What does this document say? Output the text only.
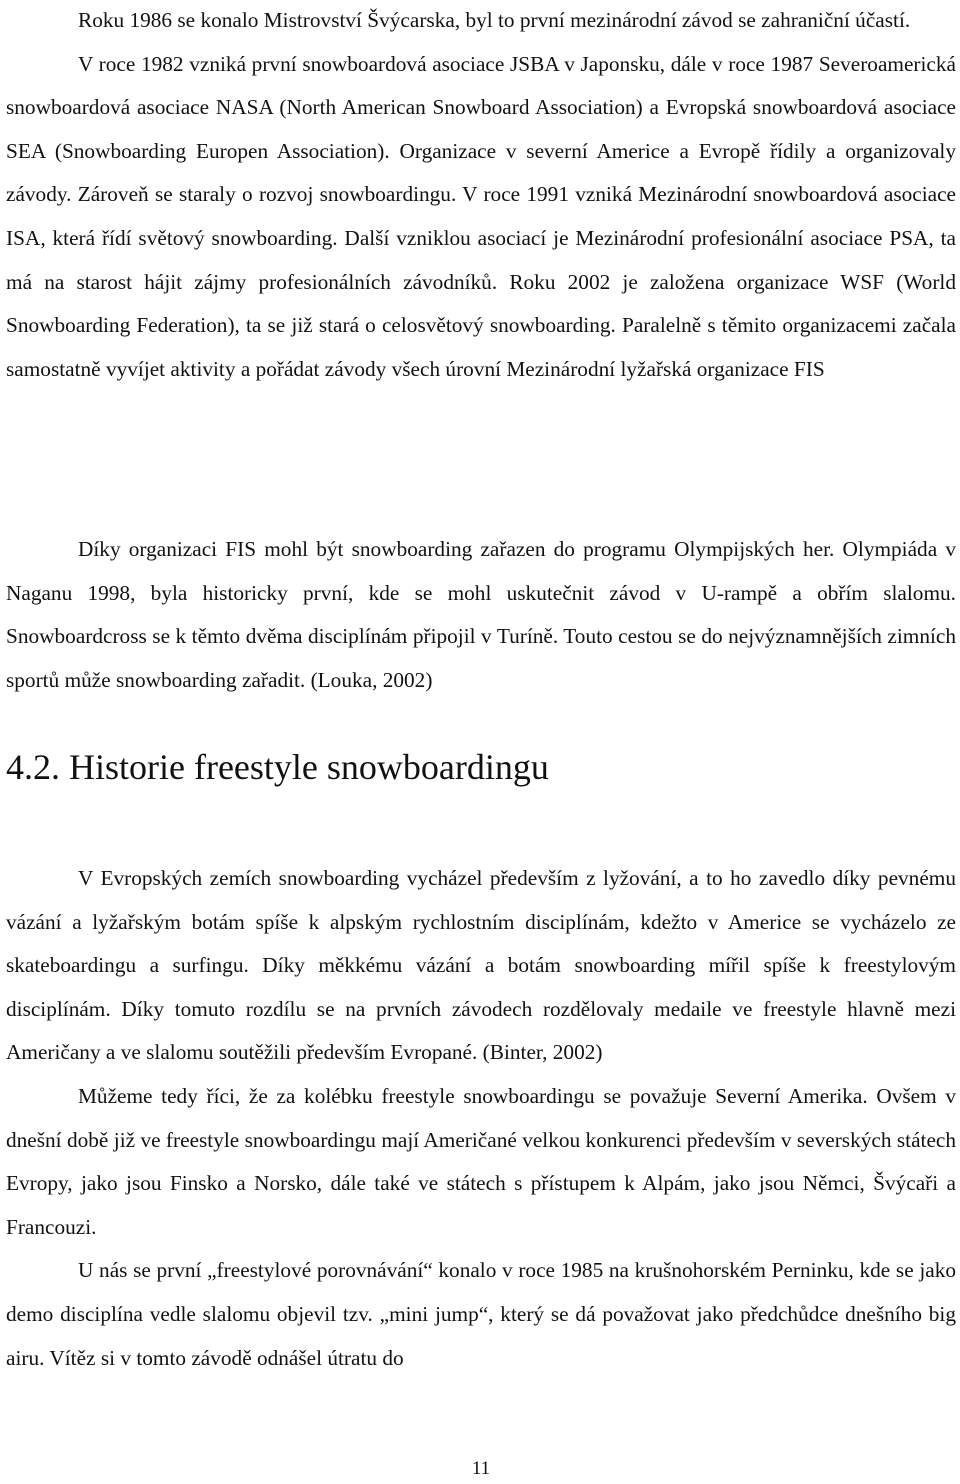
Roku 1986 se konalo Mistrovství Švýcarska, byl to první mezinárodní závod se zahraniční účastí.

V roce 1982 vzniká první snowboardová asociace JSBA v Japonsku, dále v roce 1987 Severoamerická snowboardová asociace NASA (North American Snowboard Association) a Evropská snowboardová asociace SEA (Snowboarding Europen Association). Organizace v severní Americe a Evropě řídily a organizovaly závody. Zároveň se staraly o rozvoj snowboardingu. V roce 1991 vzniká Mezinárodní snowboardová asociace ISA, která řídí světový snowboarding. Další vzniklou asociací je Mezinárodní profesionální asociace PSA, ta má na starost hájit zájmy profesionálních závodníků. Roku 2002 je založena organizace WSF (World Snowboarding Federation), ta se již stará o celosvětový snowboarding. Paralelně s těmito organizacemi začala samostatně vyvíjet aktivity a pořádat závody všech úrovní Mezinárodní lyžařská organizace FIS

Díky organizaci FIS mohl být snowboarding zařazen do programu Olympijských her. Olympiáda v Naganu 1998, byla historicky první, kde se mohl uskutečnit závod v U-rampě a obřím slalomu. Snowboardcross se k těmto dvěma disciplínám připojil v Turíně. Touto cestou se do nejvýznamnějších zimních sportů může snowboarding zařadit. (Louka, 2002)

4.2. Historie freestyle snowboardingu

V Evropských zemích snowboarding vycházel především z lyžování, a to ho zavedlo díky pevnému vázání a lyžařským botám spíše k alpským rychlostním disciplínám, kdežto v Americe se vycházelo ze skateboardingu a surfingu. Díky měkkému vázání a botám snowboarding mířil spíše k freestylovým disciplínám. Díky tomuto rozdílu se na prvních závodech rozdělovaly medaile ve freestyle hlavně mezi Američany a ve slalomu soutěžili především Evropané. (Binter, 2002)

Můžeme tedy říci, že za kolébku freestyle snowboardingu se považuje Severní Amerika. Ovšem v dnešní době již ve freestyle snowboardingu mají Američané velkou konkurenci především v severských státech Evropy, jako jsou Finsko a Norsko, dále také ve státech s přístupem k Alpám, jako jsou Němci, Švýcaři a Francouzi.

U nás se první „freestylové porovnávání“ konalo v roce 1985 na krušnohorském Perninku, kde se jako demo disciplína vedle slalomu objevil tzv. „mini jump“, který se dá považovat jako předchůdce dnešního big airu. Vítěz si v tomto závodě odnášel útratu do

11
